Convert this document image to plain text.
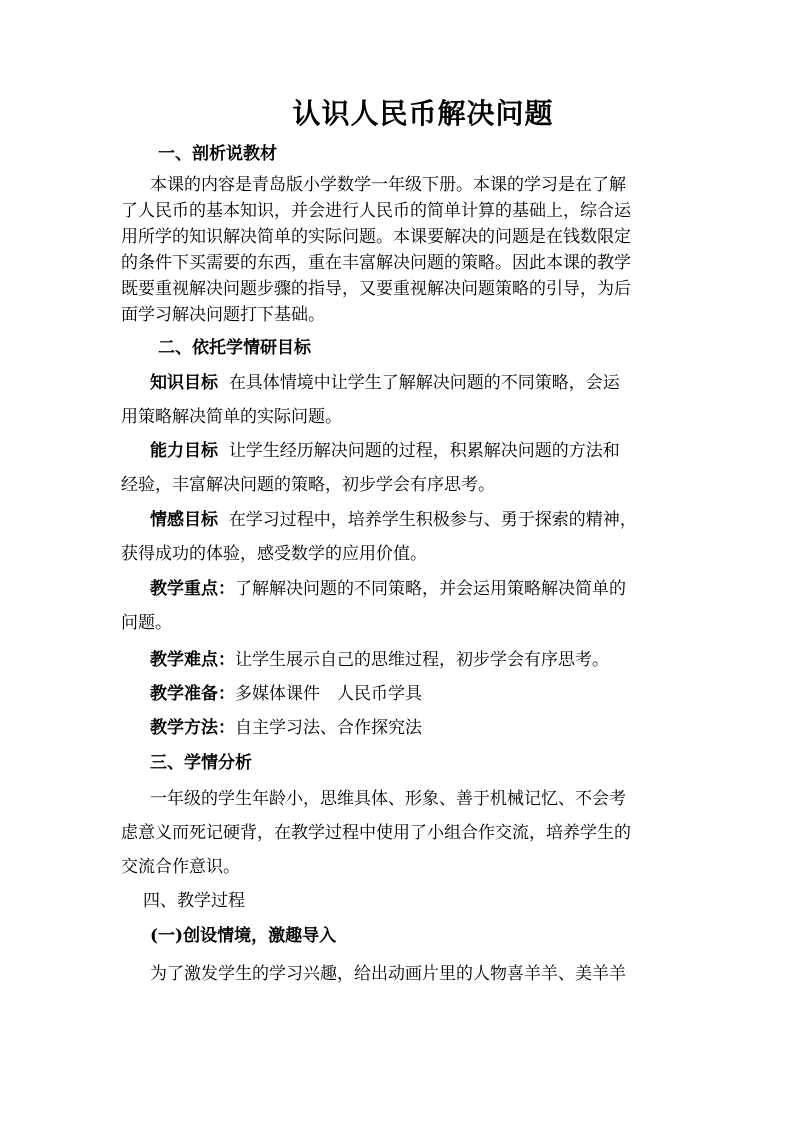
认识人民币解决问题
一、剖析说教材
本课的内容是青岛版小学数学一年级下册。本课的学习是在了解
了人民币的基本知识，并会进行人民币的简单计算的基础上，综合运
用所学的知识解决简单的实际问题。本课要解决的问题是在钱数限定
的条件下买需要的东西，重在丰富解决问题的策略。因此本课的教学
既要重视解决问题步骤的指导，又要重视解决问题策略的引导，为后
面学习解决问题打下基础。
二、依托学情研目标
知识目标 在具体情境中让学生了解解决问题的不同策略，会运
用策略解决简单的实际问题。
能力目标 让学生经历解决问题的过程，积累解决问题的方法和
经验，丰富解决问题的策略，初步学会有序思考。
情感目标 在学习过程中，培养学生积极参与、勇于探索的精神，
获得成功的体验，感受数学的应用价值。
教学重点：了解解决问题的不同策略，并会运用策略解决简单的
问题。
教学难点：让学生展示自己的思维过程，初步学会有序思考。
教学准备：多媒体课件　人民币学具
教学方法：自主学习法、合作探究法
三、学情分析
一年级的学生年龄小，思维具体、形象、善于机械记忆、不会考
虑意义而死记硬背，在教学过程中使用了小组合作交流，培养学生的
交流合作意识。
四、教学过程
(一)创设情境，激趣导入
为了激发学生的学习兴趣，给出动画片里的人物喜羊羊、美羊羊
